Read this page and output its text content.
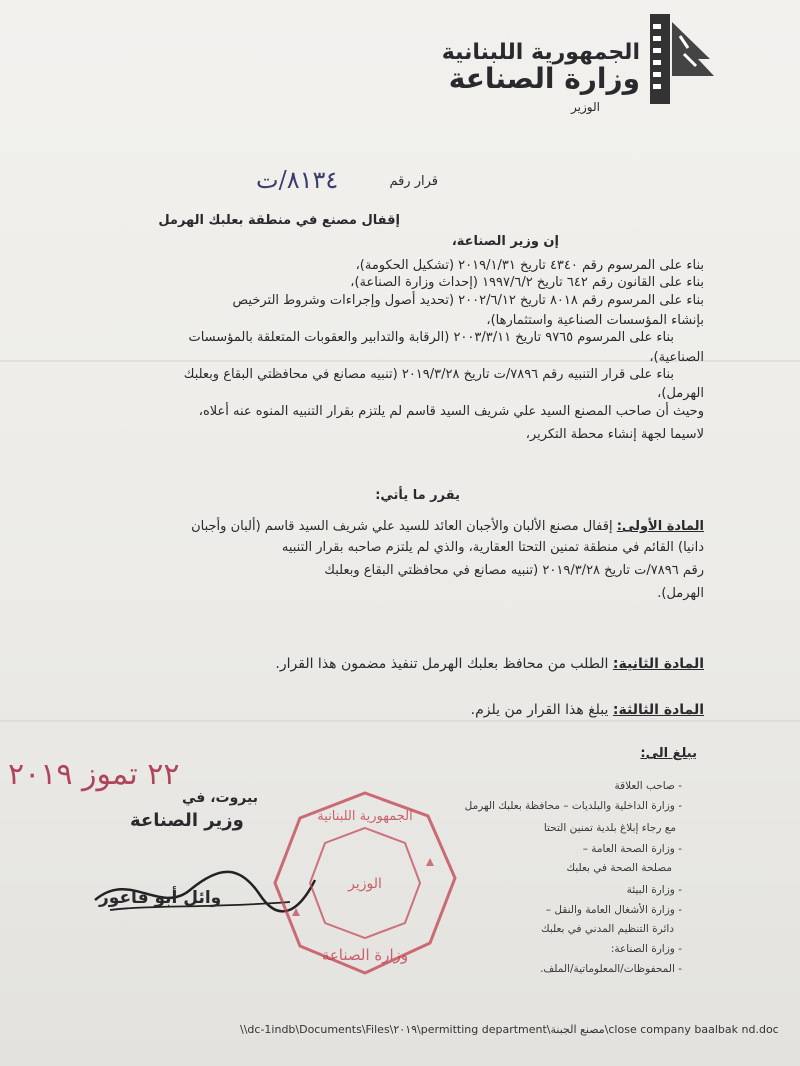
الجمهورية اللبنانية
وزارة الصناعة
الوزير
قرار رقم
٨١٣٤/ت
إقفال مصنع في منطقة بعلبك الهرمل
إن وزير الصناعة،
بناء على المرسوم رقم ٤٣٤٠ تاريخ ٢٠١٩/١/٣١ (تشكيل الحكومة)،
بناء على القانون رقم ٦٤٢ تاريخ ١٩٩٧/٦/٢ (إحداث وزارة الصناعة)،
بناء على المرسوم رقم ٨٠١٨ تاريخ ٢٠٠٢/٦/١٢ (تحديد أصول وإجراءات وشروط الترخيص
بإنشاء المؤسسات الصناعية واستثمارها)،
بناء على المرسوم ٩٧٦٥ تاريخ ٢٠٠٣/٣/١١ (الرقابة والتدابير والعقوبات المتعلقة بالمؤسسات
الصناعية)،
بناء على قرار التنبيه رقم ٧٨٩٦/ت تاريخ ٢٠١٩/٣/٢٨ (تنبيه مصانع في محافظتي البقاع وبعلبك
الهرمل)،
وحيث أن صاحب المصنع السيد علي شريف السيد قاسم لم يلتزم بقرار التنبيه المنوه عنه أعلاه،
لاسيما لجهة إنشاء محطة التكرير،
يقرر ما يأتي:
المادة الأولى: إقفال مصنع الألبان والأجبان العائد للسيد علي شريف السيد قاسم (ألبان وأجبان
دانيا) القائم في منطقة تمنين التحتا العقارية، والذي لم يلتزم صاحبه بقرار التنبيه
رقم ٧٨٩٦/ت تاريخ ٢٠١٩/٣/٢٨ (تنبيه مصانع في محافظتي البقاع وبعلبك
الهرمل).
المادة الثانية: الطلب من محافظ بعلبك الهرمل تنفيذ مضمون هذا القرار.
المادة الثالثة: يبلغ هذا القرار من يلزم.
يبلغ الى:
- صاحب العلاقة
- وزارة الداخلية والبلديات – محافظة بعلبك الهرمل
مع رجاء إبلاغ بلدية تمنين التحتا
- وزارة الصحة العامة –
مصلحة الصحة في بعلبك
- وزارة البيئة
- وزارة الأشغال العامة والنقل –
دائرة التنظيم المدني في بعلبك
- وزارة الصناعة:
- المحفوظات/المعلوماتية/الملف.
٢٢ تموز ٢٠١٩
بيروت، في
وزير الصناعة
وائل أبو فاعور
الجمهورية اللبنانية
الوزير
وزارة الصناعة
\\dc-1indb\Documents\Files\٢٠١٩\permitting department\مصنع الجبنة\close company baalbak nd.doc
